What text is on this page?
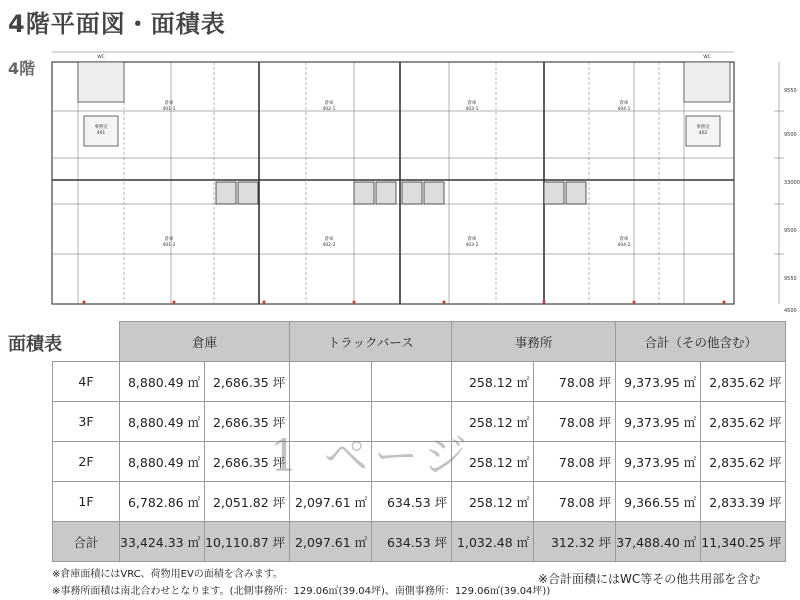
4階平面図・面積表
4階
倉庫
401-1
倉庫
401-2
倉庫
402-1
倉庫
402-2
倉庫
403-1
倉庫
403-2
倉庫
404-1
倉庫
404-2
事務室
401
事務室
402
WC	WC
9550
9500
33000
9500
9550
4500
面積表
		倉庫		トラックバース		事務所		合計（その他含む）	
4F	8,880.49 ㎡	2,686.35 坪			258.12 ㎡	78.08 坪	9,373.95 ㎡	2,835.62 坪
3F	8,880.49 ㎡	2,686.35 坪			258.12 ㎡	78.08 坪	9,373.95 ㎡	2,835.62 坪
2F	8,880.49 ㎡	2,686.35 坪			258.12 ㎡	78.08 坪	9,373.95 ㎡	2,835.62 坪
1F	6,782.86 ㎡	2,051.82 坪	2,097.61 ㎡	634.53 坪	258.12 ㎡	78.08 坪	9,366.55 ㎡	2,833.39 坪
合計	33,424.33 ㎡	10,110.87 坪	2,097.61 ㎡	634.53 坪	1,032.48 ㎡	312.32 坪	37,488.40 ㎡	11,340.25 坪
1 ページ
※倉庫面積にはVRC、荷物用EVの面積を含みます。	※合計面積にはWC等その他共用部を含む
※事務所面積は南北合わせとなります。(北側事務所：129.06㎡(39.04坪)、南側事務所：129.06㎡(39.04坪))
